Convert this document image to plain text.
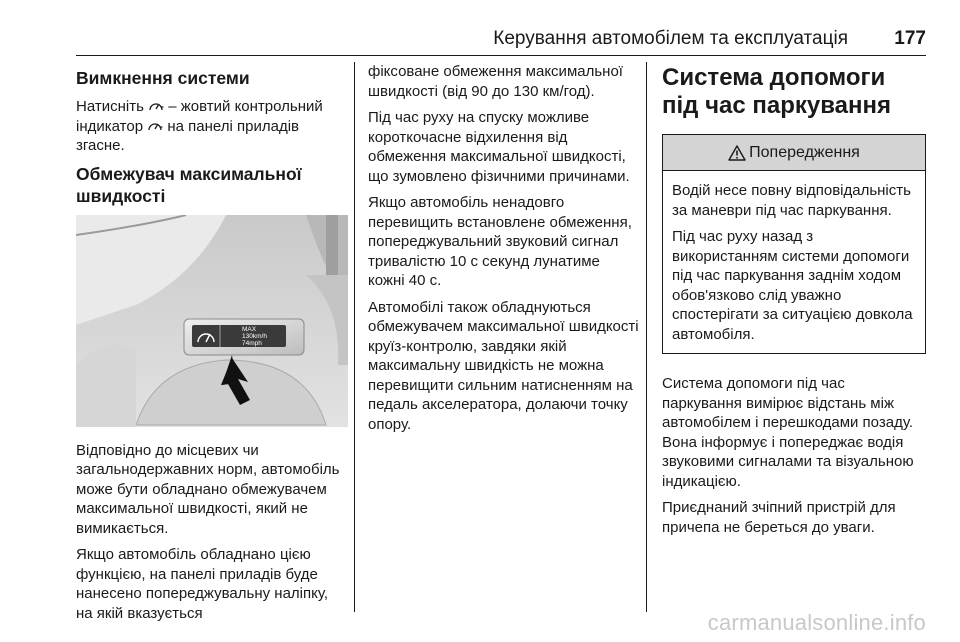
Керування автомобілем та експлуатація 177
Вимкнення системи

Натисніть  – жовтий контрольний індикатор  на панелі приладів згасне.

Обмежувач максимальної швидкості
MAX
130km/h
74mph

Відповідно до місцевих чи загальнодержавних норм, автомобіль може бути обладнано обмежувачем максимальної швидкості, який не вимикається.

Якщо автомобіль обладнано цією функцією, на панелі приладів буде нанесено попереджувальну наліпку, на якій вказується

фіксоване обмеження максимальної швидкості (від 90 до 130 км/год).

Під час руху на спуску можливе короткочасне відхилення від обмеження максимальної швидкості, що зумовлено фізичними причинами.

Якщо автомобіль ненадовго перевищить встановлене обмеження, попереджувальний звуковий сигнал тривалістю 10 с секунд лунатиме кожні 40 с.

Автомобілі також обладнуються обмежувачем максимальної швидкості круїз-контролю, завдяки якій максимальну швидкість не можна перевищити сильним натисненням на педаль акселератора, долаючи точку опору.

Система допомоги під час паркування
Попередження

Водій несе повну відповідальність за маневри під час паркування.

Під час руху назад з використанням системи допомоги під час паркування заднім ходом обов'язково слід уважно спостерігати за ситуацією довкола автомобіля.

Система допомоги під час паркування вимірює відстань між автомобілем і перешкодами позаду. Вона інформує і попереджає водія звуковими сигналами та візуальною індикацією.

Приєднаний зчіпний пристрій для причепа не береться до уваги.

carmanualsonline.info
